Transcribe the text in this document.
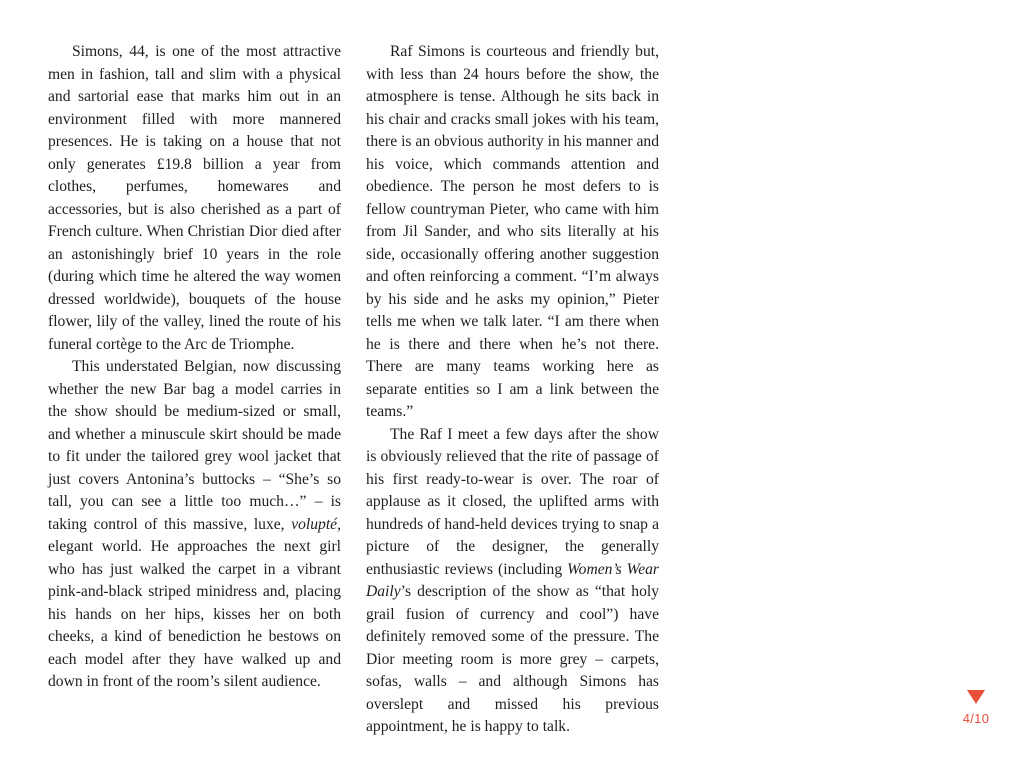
Simons, 44, is one of the most attractive men in fashion, tall and slim with a physical and sartorial ease that marks him out in an environment filled with more mannered presences. He is taking on a house that not only generates £19.8 billion a year from clothes, perfumes, homewares and accessories, but is also cherished as a part of French culture. When Christian Dior died after an astonishingly brief 10 years in the role (during which time he altered the way women dressed worldwide), bouquets of the house flower, lily of the valley, lined the route of his funeral cortège to the Arc de Triomphe.

This understated Belgian, now discussing whether the new Bar bag a model carries in the show should be medium-sized or small, and whether a minuscule skirt should be made to fit under the tailored grey wool jacket that just covers Antonina’s buttocks – “She’s so tall, you can see a little too much…” – is taking control of this massive, luxe, volupté, elegant world. He approaches the next girl who has just walked the carpet in a vibrant pink-and-black striped minidress and, placing his hands on her hips, kisses her on both cheeks, a kind of benediction he bestows on each model after they have walked up and down in front of the room’s silent audience.

Raf Simons is courteous and friendly but, with less than 24 hours before the show, the atmosphere is tense. Although he sits back in his chair and cracks small jokes with his team, there is an obvious authority in his manner and his voice, which commands attention and obedience. The person he most defers to is fellow countryman Pieter, who came with him from Jil Sander, and who sits literally at his side, occasionally offering another suggestion and often reinforcing a comment. “I’m always by his side and he asks my opinion,” Pieter tells me when we talk later. “I am there when he is there and there when he’s not there. There are many teams working here as separate entities so I am a link between the teams.”

The Raf I meet a few days after the show is obviously relieved that the rite of passage of his first ready-to-wear is over. The roar of applause as it closed, the uplifted arms with hundreds of hand-held devices trying to snap a picture of the designer, the generally enthusiastic reviews (including Women’s Wear Daily’s description of the show as “that holy grail fusion of currency and cool”) have definitely removed some of the pressure. The Dior meeting room is more grey – carpets, sofas, walls – and although Simons has overslept and missed his previous appointment, he is happy to talk.	4/10
